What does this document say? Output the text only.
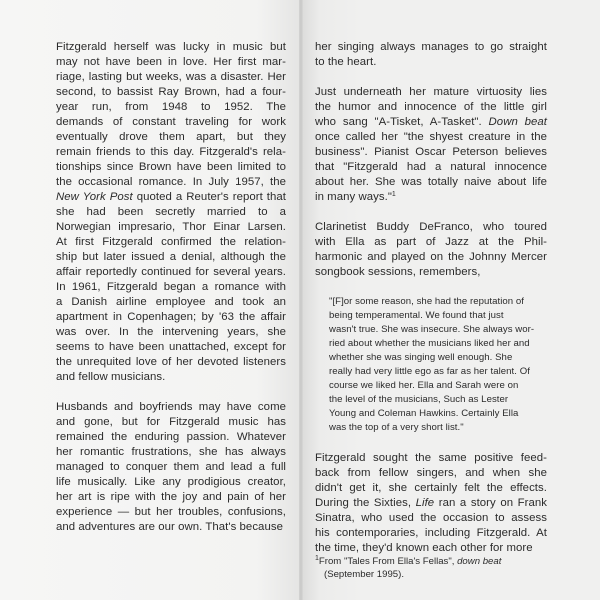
Fitzgerald herself was lucky in music but
may not have been in love. Her first mar-
riage, lasting but weeks, was a disaster. Her
second, to bassist Ray Brown, had a four-
year run, from 1948 to 1952. The
demands of constant traveling for work
eventually drove them apart, but they
remain friends to this day. Fitzgerald's rela-
tionships since Brown have been limited to
the occasional romance. In July 1957, the
New York Post quoted a Reuter's report that
she had been secretly married to a
Norwegian impresario, Thor Einar Larsen.
At first Fitzgerald confirmed the relation-
ship but later issued a denial, although the
affair reportedly continued for several years.
In 1961, Fitzgerald began a romance with
a Danish airline employee and took an
apartment in Copenhagen; by '63 the affair
was over. In the intervening years, she
seems to have been unattached, except for
the unrequited love of her devoted listeners
and fellow musicians.

Husbands and boyfriends may have come
and gone, but for Fitzgerald music has
remained the enduring passion. Whatever
her romantic frustrations, she has always
managed to conquer them and lead a full
life musically. Like any prodigious creator,
her art is ripe with the joy and pain of her
experience — but her troubles, confusions,
and adventures are our own. That's because

her singing always manages to go straight
to the heart.

Just underneath her mature virtuosity lies
the humor and innocence of the little girl
who sang "A-Tisket, A-Tasket". Down beat
once called her "the shyest creature in the
business". Pianist Oscar Peterson believes
that "Fitzgerald had a natural innocence
about her. She was totally naive about life
in many ways."$^1$

Clarinetist Buddy DeFranco, who toured
with Ella as part of Jazz at the Phil-
harmonic and played on the Johnny Mercer
songbook sessions, remembers,

"[F]or some reason, she had the reputation of
being temperamental. We found that just
wasn't true. She was insecure. She always wor-
ried about whether the musicians liked her and
whether she was singing well enough. She
really had very little ego as far as her talent. Of
course we liked her. Ella and Sarah were on
the level of the musicians, Such as Lester
Young and Coleman Hawkins. Certainly Ella
was the top of a very short list."

Fitzgerald sought the same positive feed-
back from fellow singers, and when she
didn't get it, she certainly felt the effects.
During the Sixties, Life ran a story on Frank
Sinatra, who used the occasion to assess
his contemporaries, including Fitzgerald. At
the time, they'd known each other for more

$^1$From "Tales From Ella's Fellas", down beat
(September 1995).
